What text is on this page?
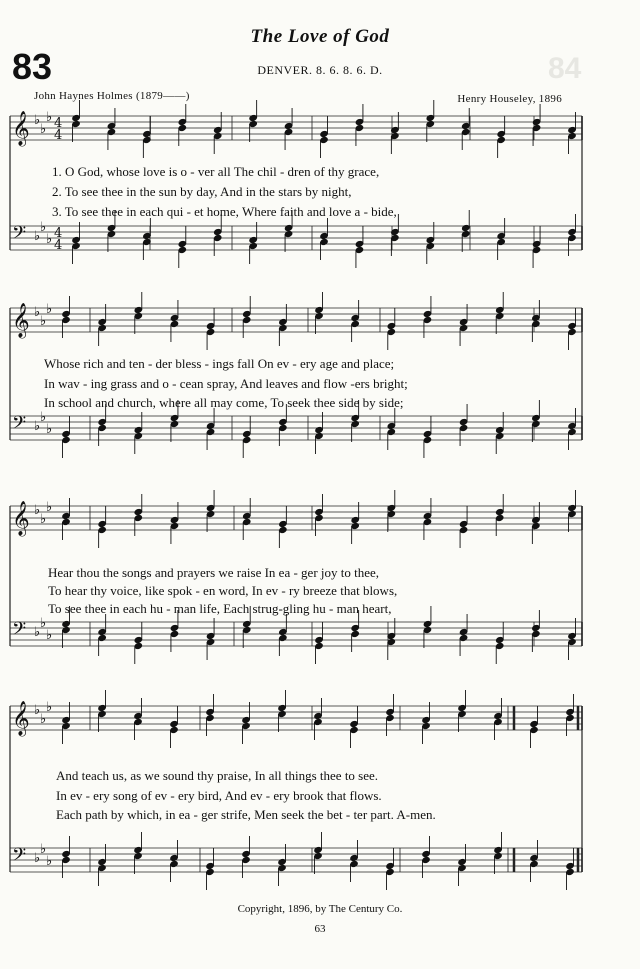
The Love of God
83	84
DENVER. 8. 6. 8. 6. D.
John Haynes Holmes (1879——)	Henry Houseley, 1896
𝄞 ♭
♭
♭ 4
4
𝄢 ♭
♭
♭ 4
4
𝄞 ♭
♭
♭
𝄢 ♭
♭
♭
𝄞 ♭
♭
♭
𝄢 ♭
♭
♭
𝄞 ♭
♭
♭
𝄢 ♭
♭
♭
1. O God, whose love is o - ver all The chil - dren of thy grace,
2. To see thee in the sun by day, And in the stars by night,
3. To see thee in each qui - et home, Where faith and love a - bide,
Whose rich and ten - der bless - ings fall On ev - ery age and place;
In wav - ing grass and o - cean spray, And leaves and flow -ers bright;
In school and church, where all may come, To seek thee side by side;
Hear thou the songs and prayers we raise In ea - ger joy to thee,
To hear thy voice, like spok - en word, In ev - ry breeze that blows,
To see thee in each hu - man life, Each strug-gling hu - man heart,
And teach us, as we sound thy praise, In all things thee to see.
In ev - ery song of ev - ery bird, And ev - ery brook that flows.
Each path by which, in ea - ger strife, Men seek the bet - ter part. A-men.
Copyright, 1896, by The Century Co.
63
